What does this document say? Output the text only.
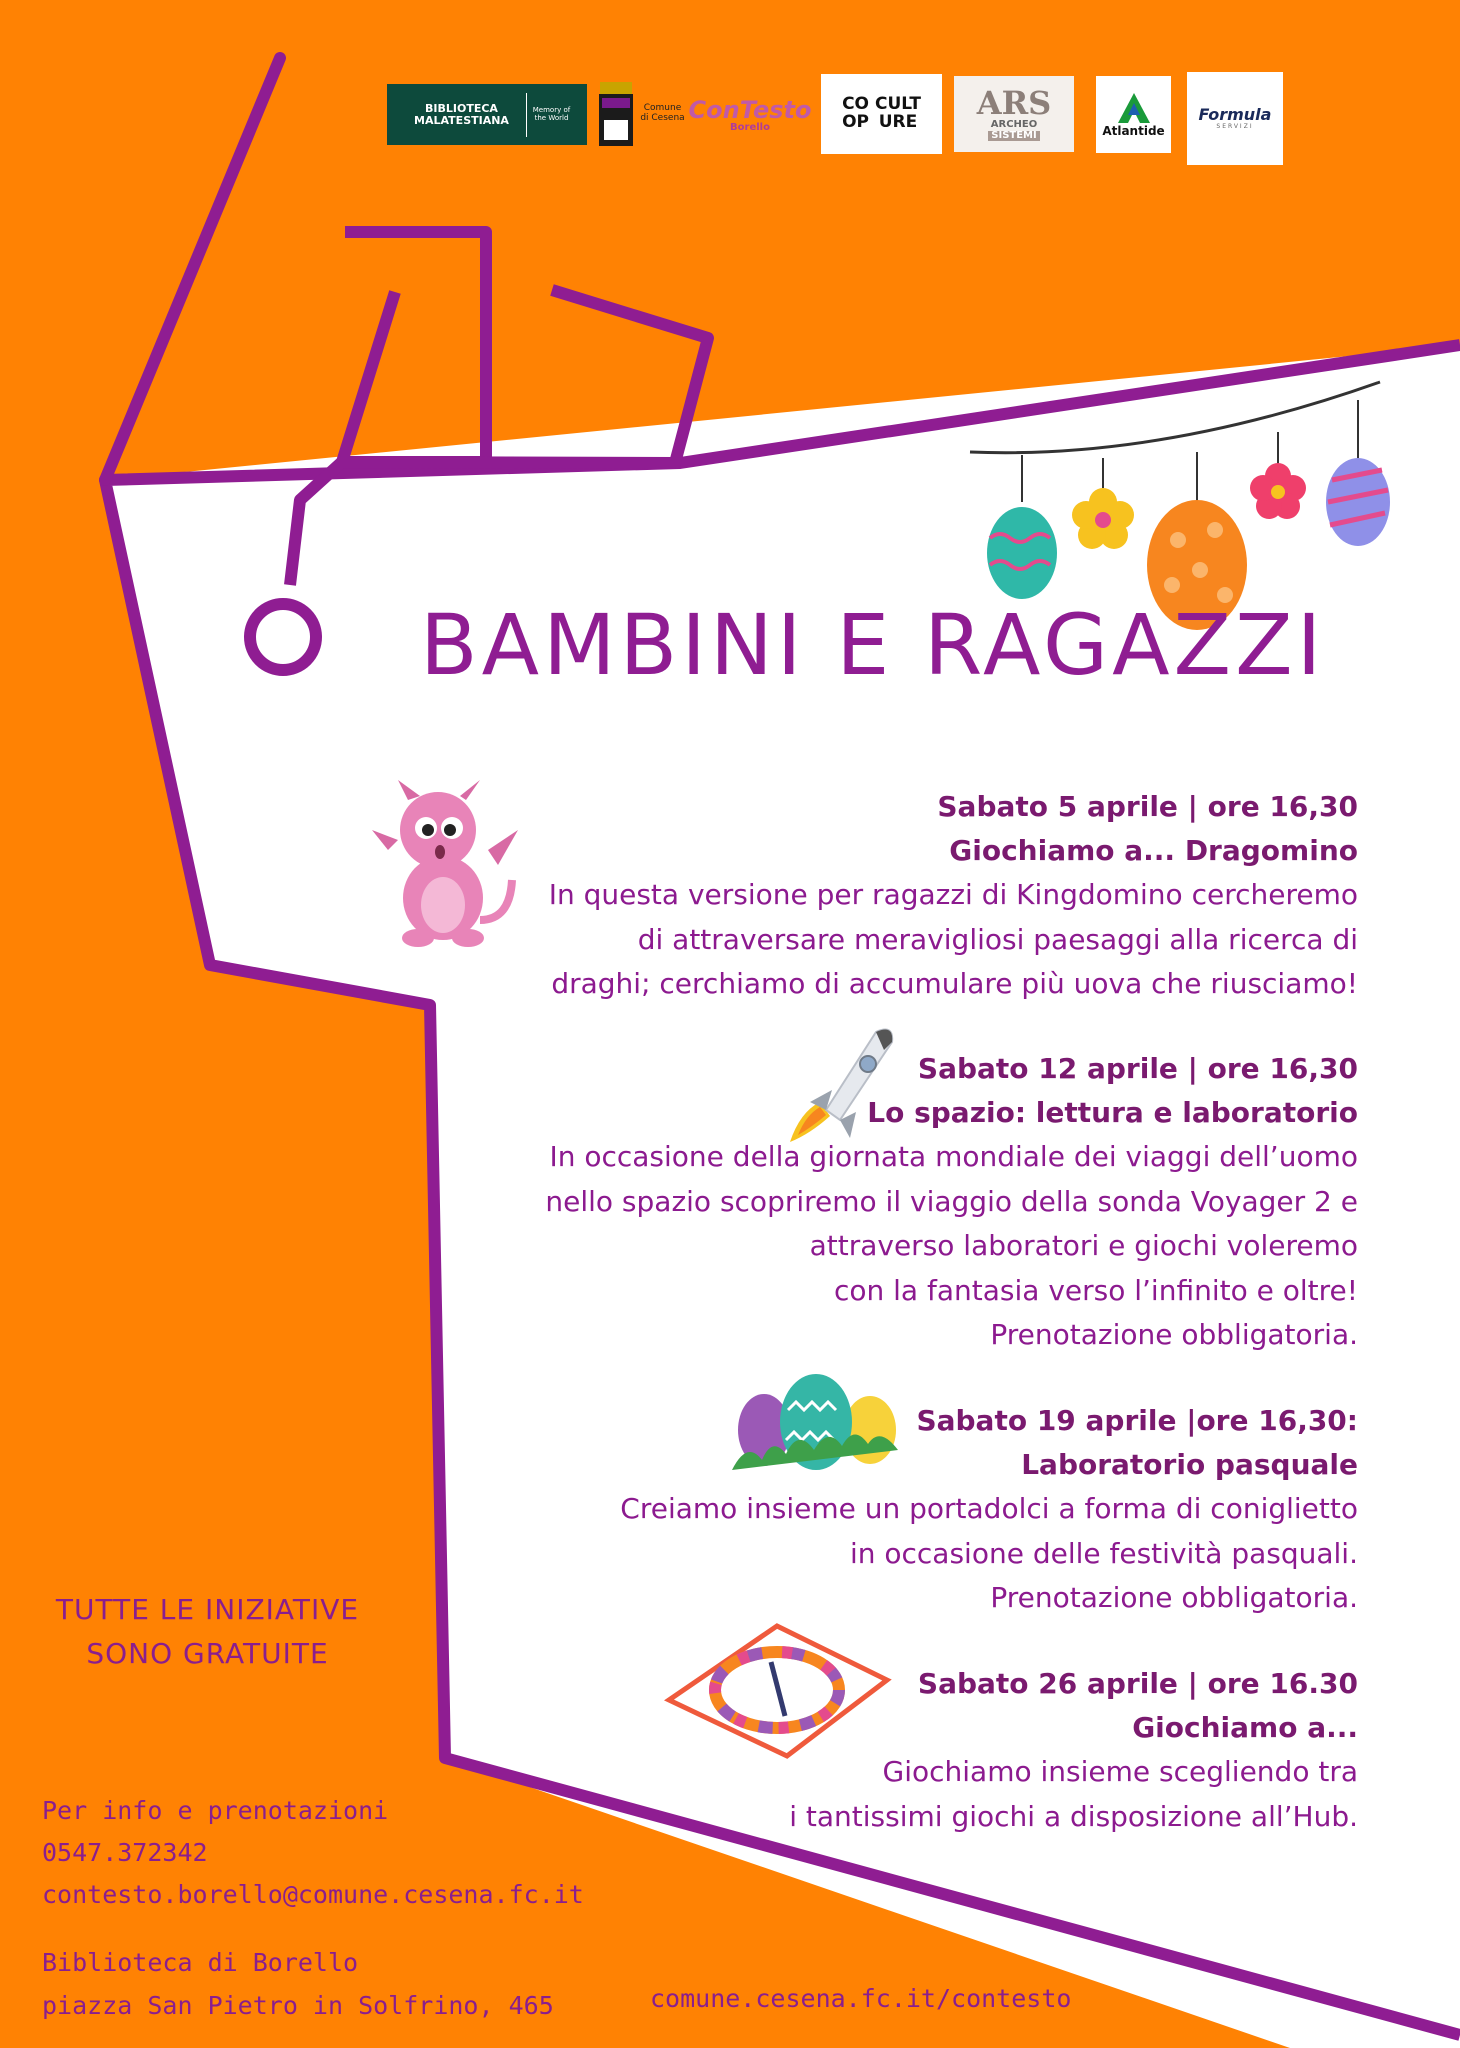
BIBLIOTECA
MALATESTIANA
Memory of the World
Comune
di Cesena ConTesto
Borello
CO CULT
OP URE
ARS
ARCHEO
SISTEMI	Atlantide
Formula
SERVIZI
BAMBINI E RAGAZZI
Sabato 5 aprile | ore 16,30
Giochiamo a... Dragomino
In questa versione per ragazzi di Kingdomino cercheremo
di attraversare meravigliosi paesaggi alla ricerca di
draghi; cerchiamo di accumulare più uova che riusciamo!
Sabato 12 aprile | ore 16,30
Lo spazio: lettura e laboratorio
In occasione della giornata mondiale dei viaggi dell’uomo
nello spazio scopriremo il viaggio della sonda Voyager 2 e
attraverso laboratori e giochi voleremo
con la fantasia verso l’infinito e oltre!
Prenotazione obbligatoria.
Sabato 19 aprile |ore 16,30:
Laboratorio pasquale
Creiamo insieme un portadolci a forma di coniglietto
in occasione delle festività pasquali.
Prenotazione obbligatoria.
Sabato 26 aprile | ore 16.30
Giochiamo a...
Giochiamo insieme scegliendo tra
i tantissimi giochi a disposizione all’Hub.
TUTTE LE INIZIATIVE
SONO GRATUITE
Per info e prenotazioni
0547.372342
contesto.borello@comune.cesena.fc.it
Biblioteca di Borello
piazza San Pietro in Solfrino, 465	comune.cesena.fc.it/contesto
